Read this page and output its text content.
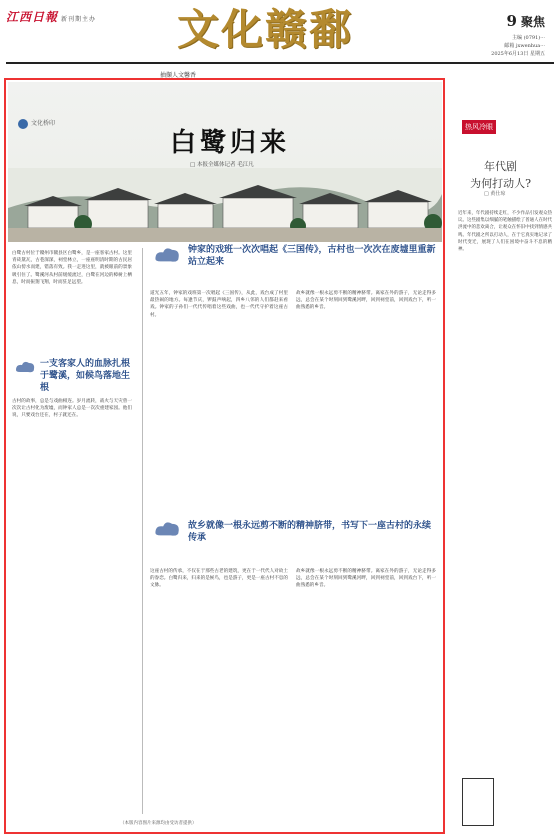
江西日報 新刊期主办	文化赣鄱	9 聚焦
主编 (0791)···
邮箱 jxwenhua···
2025年6月13日 星期五
抽撷人文馨香
文化桥印
白鹭归来
□ 本报全媒体记者 毛江凡
白鹭古村位于赣州市赣县区白鹭乡，是一座客家古村。这里青砖黛瓦，古巷深深，祠堂林立，一座座明清时期的古民居依山傍水而建，错落有致。我一走进这里，就被眼前的景象吸引住了。鹭溪河从村前缓缓流过，白鹭在河边的樟树上栖息，时而振翅飞翔，时而驻足远望。
一支客家人的血脉扎根于鹭溪，如候鸟落地生根
古村的故事，总是与戏曲相连。岁月流转，战火与天灾曾一次次让古村化为废墟，而钟家人总是一次次重建家园。他们说，只要戏台还在，村子就还在。
钟家的戏班一次次唱起《三国传》，古村也一次次在废墟里重新站立起来
道光五年，钟家的戏班第一次唱起《三国传》，从此，戏台成了村里最热闹的地方。每逢节庆，锣鼓声响起，四乡八邻的人们都赶来看戏。钟家的子孙们一代代传唱着这些戏曲，也一代代守护着这座古村。
故乡就像一根永远剪不断的精神脐带。离家在外的游子，无论走得多远，总会在某个时刻回到鹭溪河畔，回到祠堂前，回到戏台下，听一曲熟悉的乡音。
故乡就像一根永远剪不断的精神脐带，书写下一座古村的永续传承
这座古村的传承，不仅在于那些古老的建筑，更在于一代代人对故土的眷恋。白鹭归来，归来的是候鸟，也是游子，更是一座古村不息的文脉。
故乡就像一根永远剪不断的精神脐带。离家在外的游子，无论走得多远，总会在某个时刻回到鹭溪河畔，回到祠堂前，回到戏台下，听一曲熟悉的乡音。
（本版内容图片来源均由受访者提供）
热风冷眼
年代剧
为何打动人?
□ 黄仕琼
近年来，年代剧持续走红，不少作品引发观众热议。这些剧集以细腻的笔触描绘了普通人在时代洪流中的悲欢离合，让观众在怀旧中找到情感共鸣。年代剧之所以打动人，在于它真实地记录了时代变迁，展现了人们在困境中奋斗不息的精神。
